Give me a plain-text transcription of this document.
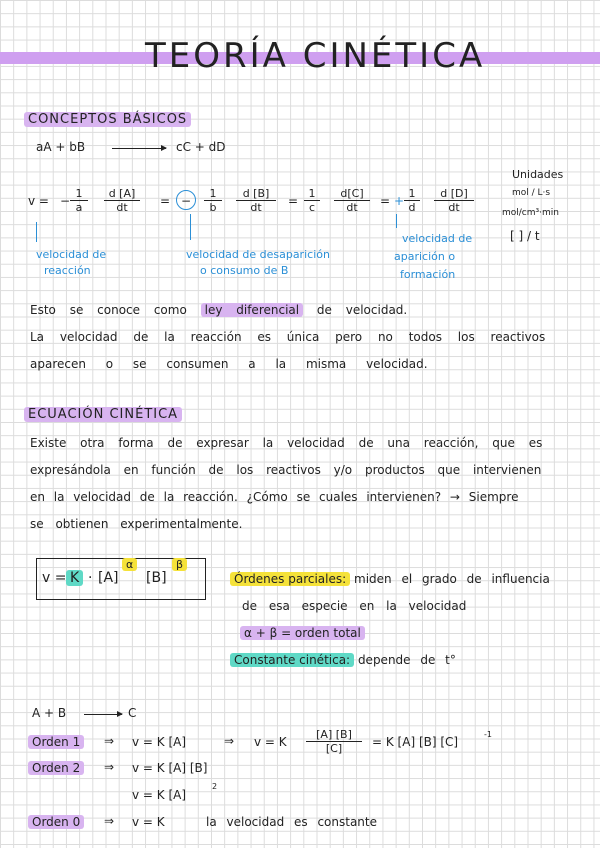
TEORÍA CINÉTICA
CONCEPTOS BÁSICOS
aA + bB → cC + dD
Unidades
mol / L·s
mol/cm³·min
[ ] / t
v = − $\frac{1}{a} \frac{d [A]}{dt}$ = − $\frac{1}{b} \frac{d [B]}{dt} = \frac{1}{c} \frac{d[C]}{dt}$ = + $\frac{1}{d} \frac{d [D]}{dt}$
velocidad de
reacción
velocidad de desaparición
o consumo de B
velocidad de
aparición o
formación
Esto se conoce como ley diferencial de velocidad.
La velocidad de la reacción es única pero no todos los reactivos
aparecen o se consumen a la misma velocidad.
ECUACIÓN CINÉTICA
Existe otra forma de expresar la velocidad de una reacción, que es
expresándola en función de los reactivos y/o productos que intervienen
en la velocidad de la reacción. ¿Cómo se cuales intervienen? → Siempre
se obtienen experimentalmente.
v = K · [A]
α
[B]
β
Órdenes parciales: miden el grado de influencia
de esa especie en la velocidad
α + β = orden total
Constante cinética: depende de t°
A + B	C
Orden 1	⇒ v = K [A]	⇒ v = K $\frac{[A] [B]}{[C]} = K$ [A] [B] [C]
-1
Orden 2	⇒ v = K [A] [B]
v = K [A]
2
Orden 0	⇒ v = K	la velocidad es constante
